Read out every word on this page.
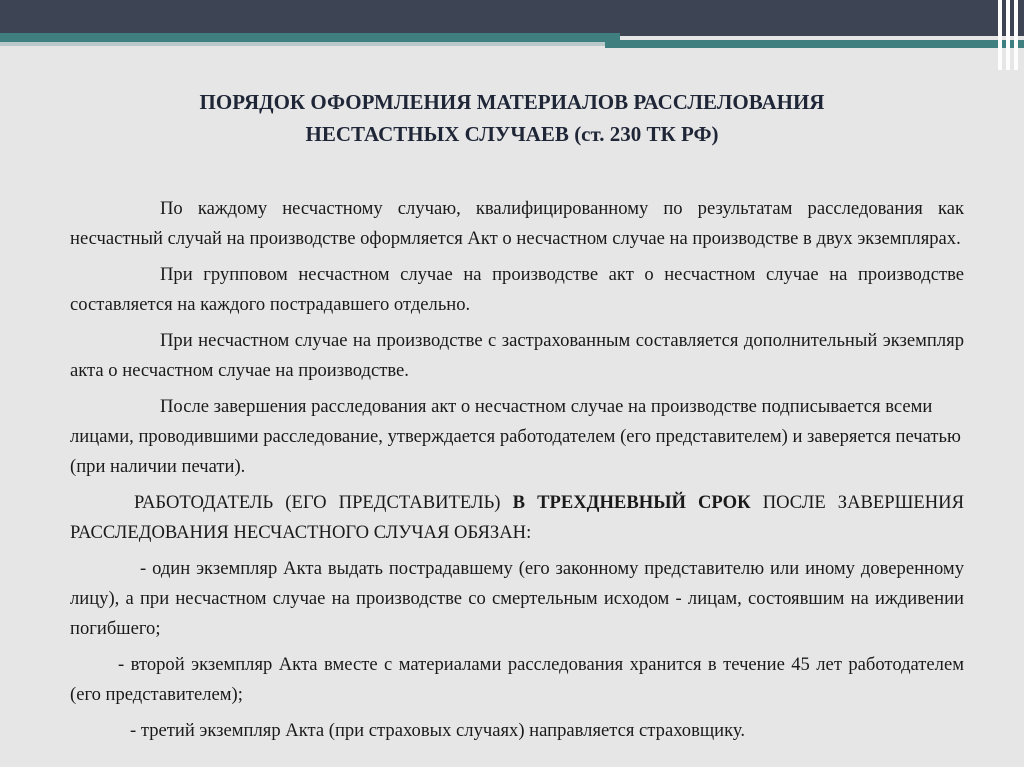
ПОРЯДОК ОФОРМЛЕНИЯ МАТЕРИАЛОВ РАССЛЕЛОВАНИЯ
НЕСТАСТНЫХ СЛУЧАЕВ (ст. 230 ТК РФ)

По каждому несчастному случаю, квалифицированному по результатам расследования как несчастный случай на производстве оформляется Акт о несчастном случае на производстве в двух экземплярах.

При групповом несчастном случае на производстве акт о несчастном случае на производстве составляется на каждого пострадавшего отдельно.

При несчастном случае на производстве с застрахованным составляется дополнительный экземпляр акта о несчастном случае на производстве.

После завершения расследования акт о несчастном случае на производстве подписывается всеми лицами, проводившими расследование, утверждается работодателем (его представителем) и заверяется печатью (при наличии печати).

РАБОТОДАТЕЛЬ (ЕГО ПРЕДСТАВИТЕЛЬ) В ТРЕХДНЕВНЫЙ СРОК ПОСЛЕ ЗАВЕРШЕНИЯ РАССЛЕДОВАНИЯ НЕСЧАСТНОГО СЛУЧАЯ ОБЯЗАН:

- один экземпляр Акта выдать пострадавшему (его законному представителю или иному доверенному лицу), а при несчастном случае на производстве со смертельным исходом - лицам, состоявшим на иждивении погибшего;

- второй экземпляр Акта вместе с материалами расследования хранится в течение 45 лет работодателем (его представителем);

- третий экземпляр Акта (при страховых случаях) направляется страховщику.
